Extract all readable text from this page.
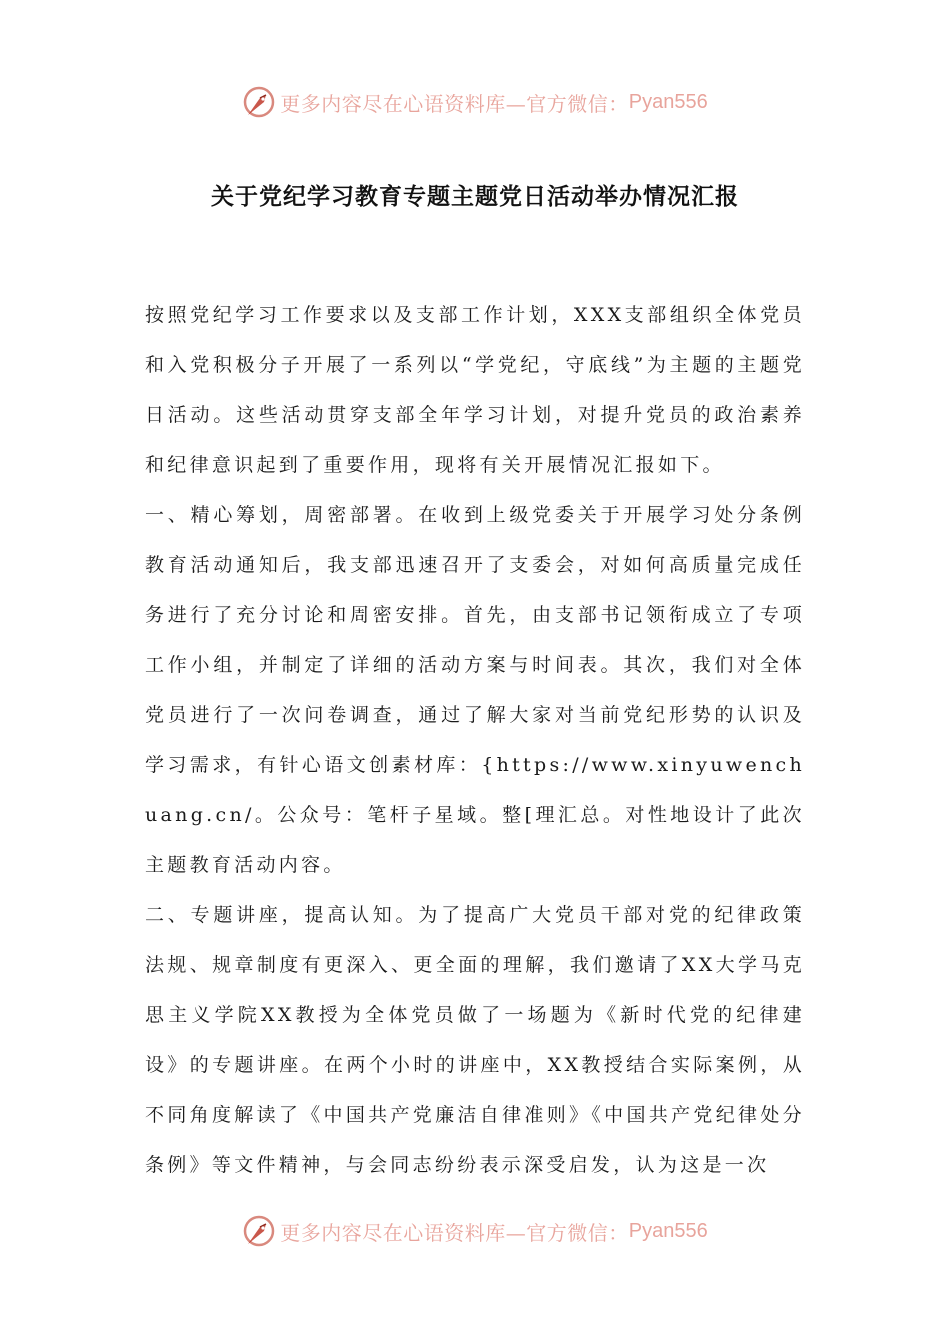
更多内容尽在心语资料库—官方微信： Pyan556
关于党纪学习教育专题主题党日活动举办情况汇报

按照党纪学习工作要求以及支部工作计划，XXX支部组织全体党员和入党积极分子开展了一系列以“学党纪，守底线”为主题的主题党日活动。这些活动贯穿支部全年学习计划，对提升党员的政治素养和纪律意识起到了重要作用，现将有关开展情况汇报如下。

一、精心筹划，周密部署。在收到上级党委关于开展学习处分条例教育活动通知后，我支部迅速召开了支委会，对如何高质量完成任务进行了充分讨论和周密安排。首先，由支部书记领衔成立了专项工作小组，并制定了详细的活动方案与时间表。其次，我们对全体党员进行了一次问卷调查，通过了解大家对当前党纪形势的认识及学习需求，有针心语文创素材库：{https://www.xinyuwenchuang.cn/。公众号：笔杆子星域。整[理汇总。对性地设计了此次主题教育活动内容。

二、专题讲座，提高认知。为了提高广大党员干部对党的纪律政策法规、规章制度有更深入、更全面的理解，我们邀请了XX大学马克思主义学院XX教授为全体党员做了一场题为《新时代党的纪律建设》的专题讲座。在两个小时的讲座中，XX教授结合实际案例，从不同角度解读了《中国共产党廉洁自律准则》《中国共产党纪律处分条例》等文件精神，与会同志纷纷表示深受启发，认为这是一次

更多内容尽在心语资料库—官方微信： Pyan556
